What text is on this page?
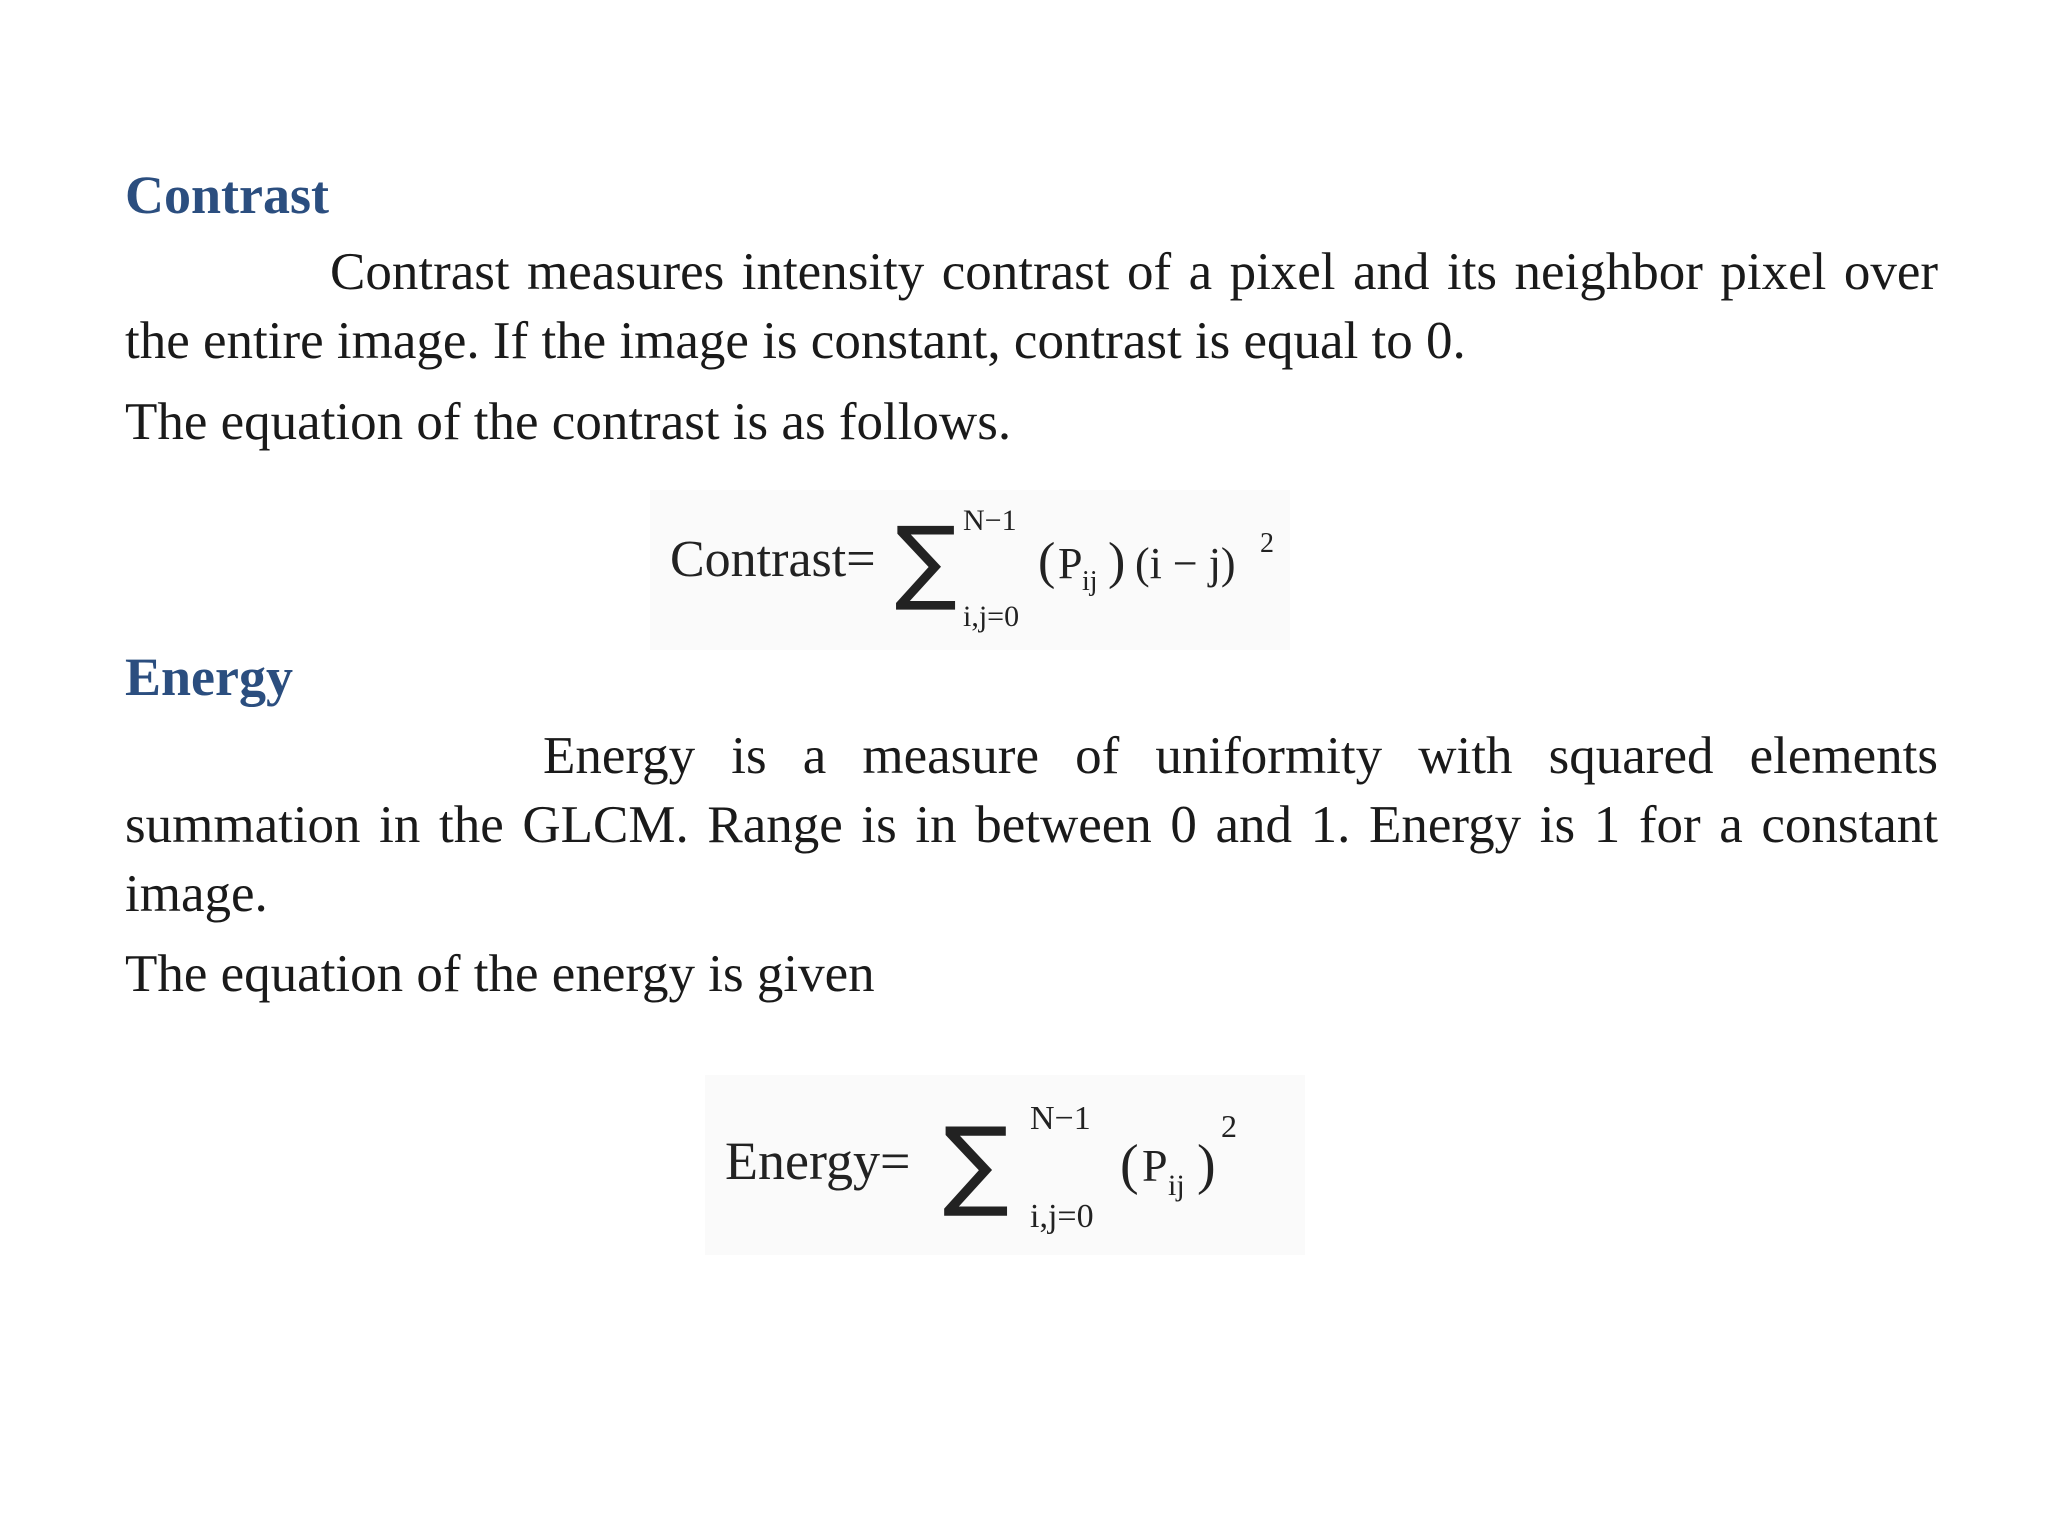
Contrast

Contrast measures intensity contrast of a pixel and its neighbor pixel over the entire image. If the image is constant, contrast is equal to 0.

The equation of the contrast is as follows.

Contrast= ∑ N−1
i,j=0
( P ij ) (i − j) 2
Energy

Energy is a measure of uniformity with squared elements summation in the GLCM. Range is in between 0 and 1. Energy is 1 for a constant image.

The equation of the energy is given

Energy= ∑ N−1
i,j=0
( P ij )
2
